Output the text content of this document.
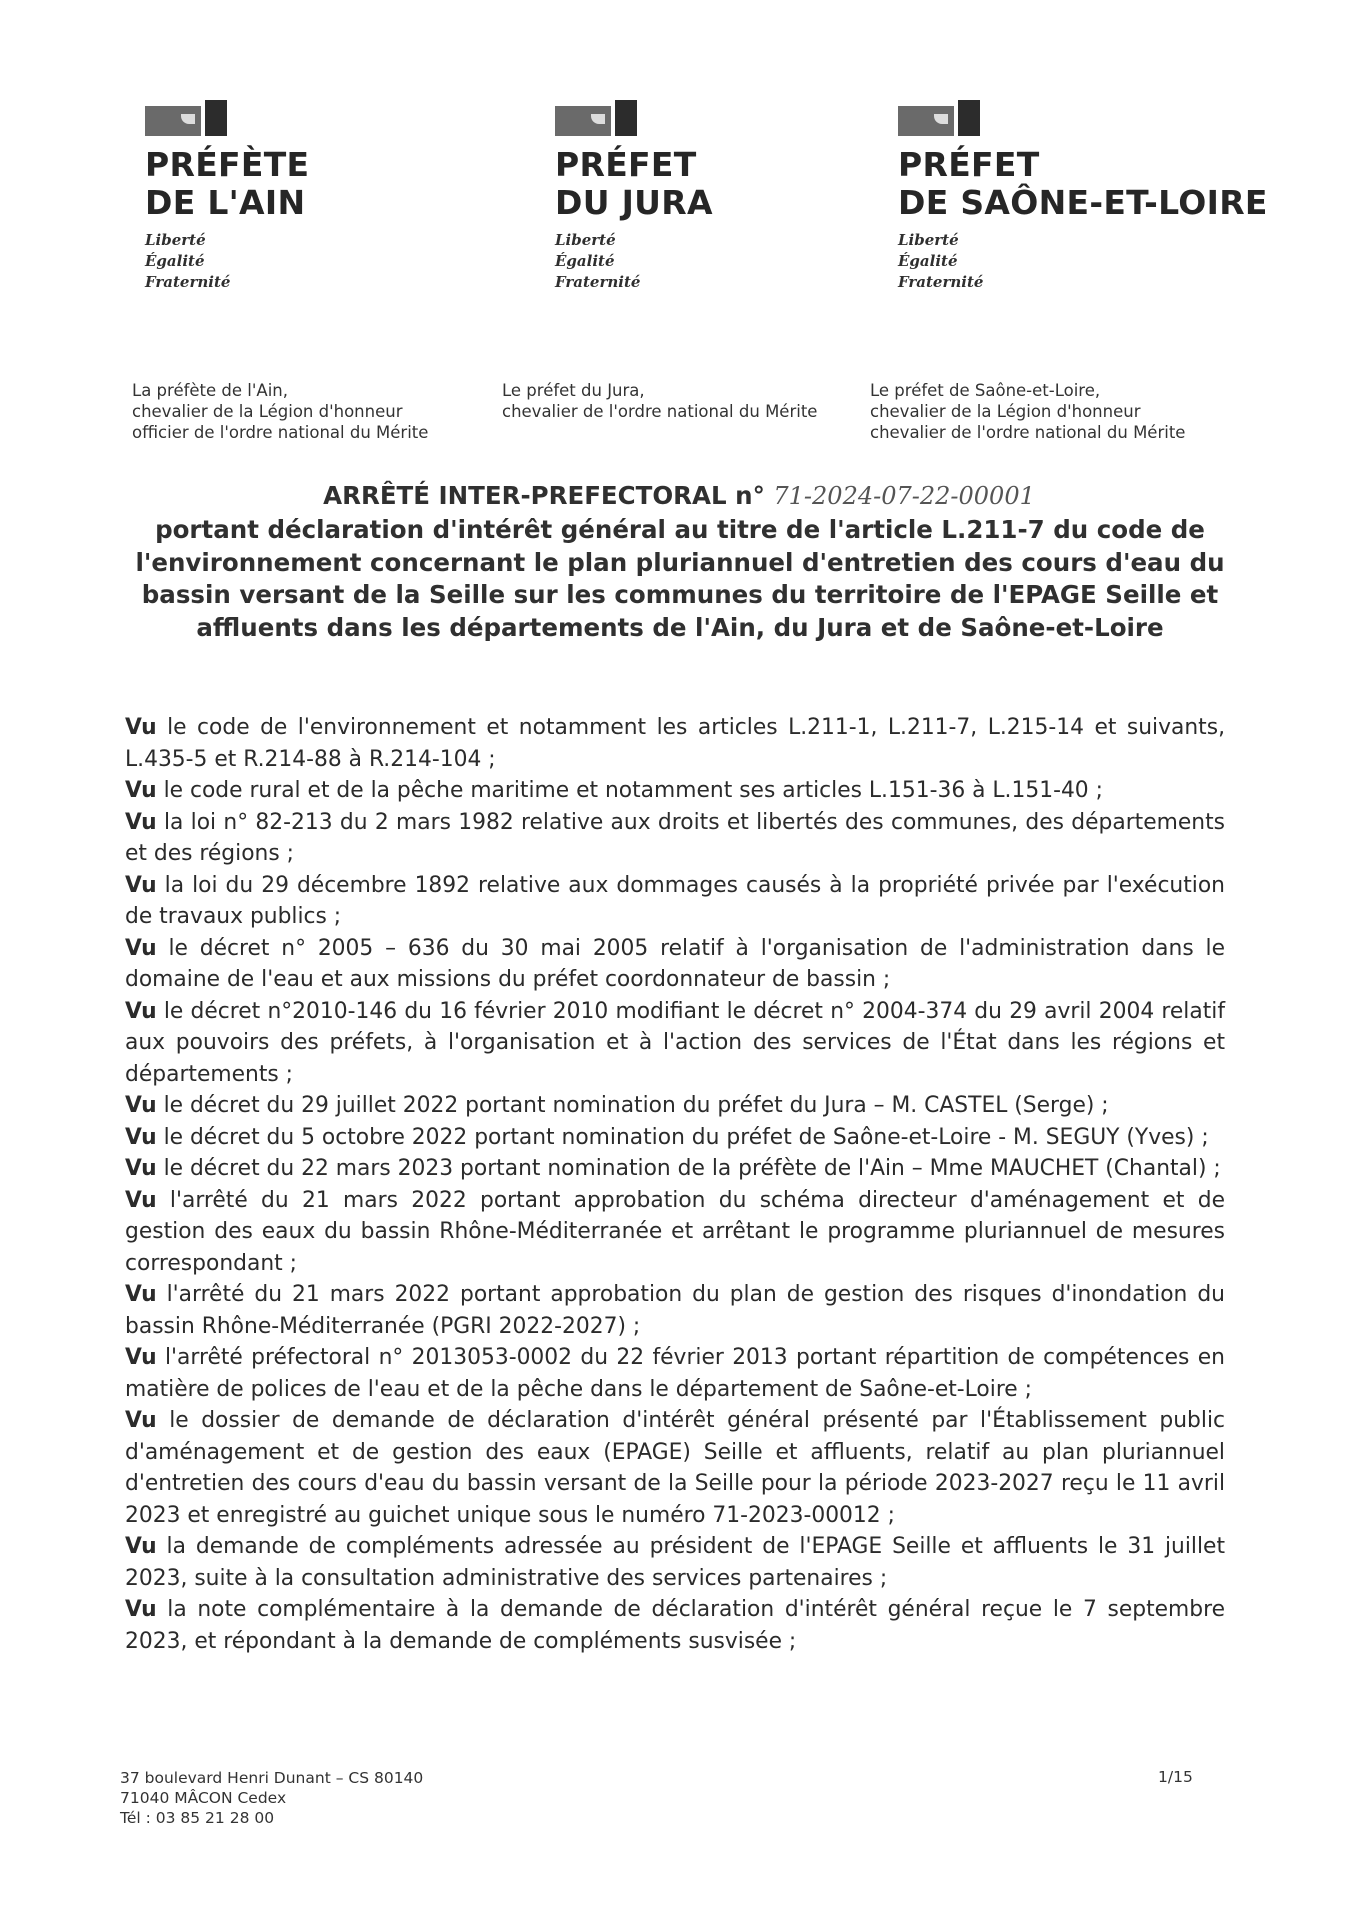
PRÉFÈTE
DE L'AIN
Liberté
Égalité
Fraternité
PRÉFET
DU JURA
Liberté
Égalité
Fraternité
PRÉFET
DE SAÔNE-ET-LOIRE
Liberté
Égalité
Fraternité
La préfète de l'Ain,
chevalier de la Légion d'honneur
officier de l'ordre national du Mérite
Le préfet du Jura,
chevalier de l'ordre national du Mérite
Le préfet de Saône-et-Loire,
chevalier de la Légion d'honneur
chevalier de l'ordre national du Mérite
ARRÊTÉ INTER-PREFECTORAL n° 71-2024-07-22-00001
portant déclaration d'intérêt général au titre de l'article L.211-7 du code de l'environnement concernant le plan pluriannuel d'entretien des cours d'eau du bassin versant de la Seille sur les communes du territoire de l'EPAGE Seille et affluents dans les départements de l'Ain, du Jura et de Saône-et-Loire

Vu le code de l'environnement et notamment les articles L.211-1, L.211-7, L.215-14 et suivants, L.435-5 et R.214-88 à R.214-104 ;

Vu le code rural et de la pêche maritime et notamment ses articles L.151-36 à L.151-40 ;

Vu la loi n° 82-213 du 2 mars 1982 relative aux droits et libertés des communes, des départements et des régions ;

Vu la loi du 29 décembre 1892 relative aux dommages causés à la propriété privée par l'exécution de travaux publics ;

Vu le décret n° 2005 – 636 du 30 mai 2005 relatif à l'organisation de l'administration dans le domaine de l'eau et aux missions du préfet coordonnateur de bassin ;

Vu le décret n°2010-146 du 16 février 2010 modifiant le décret n° 2004-374 du 29 avril 2004 relatif aux pouvoirs des préfets, à l'organisation et à l'action des services de l'État dans les régions et départements ;

Vu le décret du 29 juillet 2022 portant nomination du préfet du Jura – M. CASTEL (Serge) ;

Vu le décret du 5 octobre 2022 portant nomination du préfet de Saône-et-Loire - M. SEGUY (Yves) ;

Vu le décret du 22 mars 2023 portant nomination de la préfète de l'Ain – Mme MAUCHET (Chantal) ;

Vu l'arrêté du 21 mars 2022 portant approbation du schéma directeur d'aménagement et de gestion des eaux du bassin Rhône-Méditerranée et arrêtant le programme pluriannuel de mesures correspondant ;

Vu l'arrêté du 21 mars 2022 portant approbation du plan de gestion des risques d'inondation du bassin Rhône-Méditerranée (PGRI 2022-2027) ;

Vu l'arrêté préfectoral n° 2013053-0002 du 22 février 2013 portant répartition de compétences en matière de polices de l'eau et de la pêche dans le département de Saône-et-Loire ;

Vu le dossier de demande de déclaration d'intérêt général présenté par l'Établissement public d'aménagement et de gestion des eaux (EPAGE) Seille et affluents, relatif au plan pluriannuel d'entretien des cours d'eau du bassin versant de la Seille pour la période 2023-2027 reçu le 11 avril 2023 et enregistré au guichet unique sous le numéro 71-2023-00012 ;

Vu la demande de compléments adressée au président de l'EPAGE Seille et affluents le 31 juillet 2023, suite à la consultation administrative des services partenaires ;

Vu la note complémentaire à la demande de déclaration d'intérêt général reçue le 7 septembre 2023, et répondant à la demande de compléments susvisée ;

37 boulevard Henri Dunant – CS 80140
71040 MÂCON Cedex
Tél : 03 85 21 28 00
1/15
